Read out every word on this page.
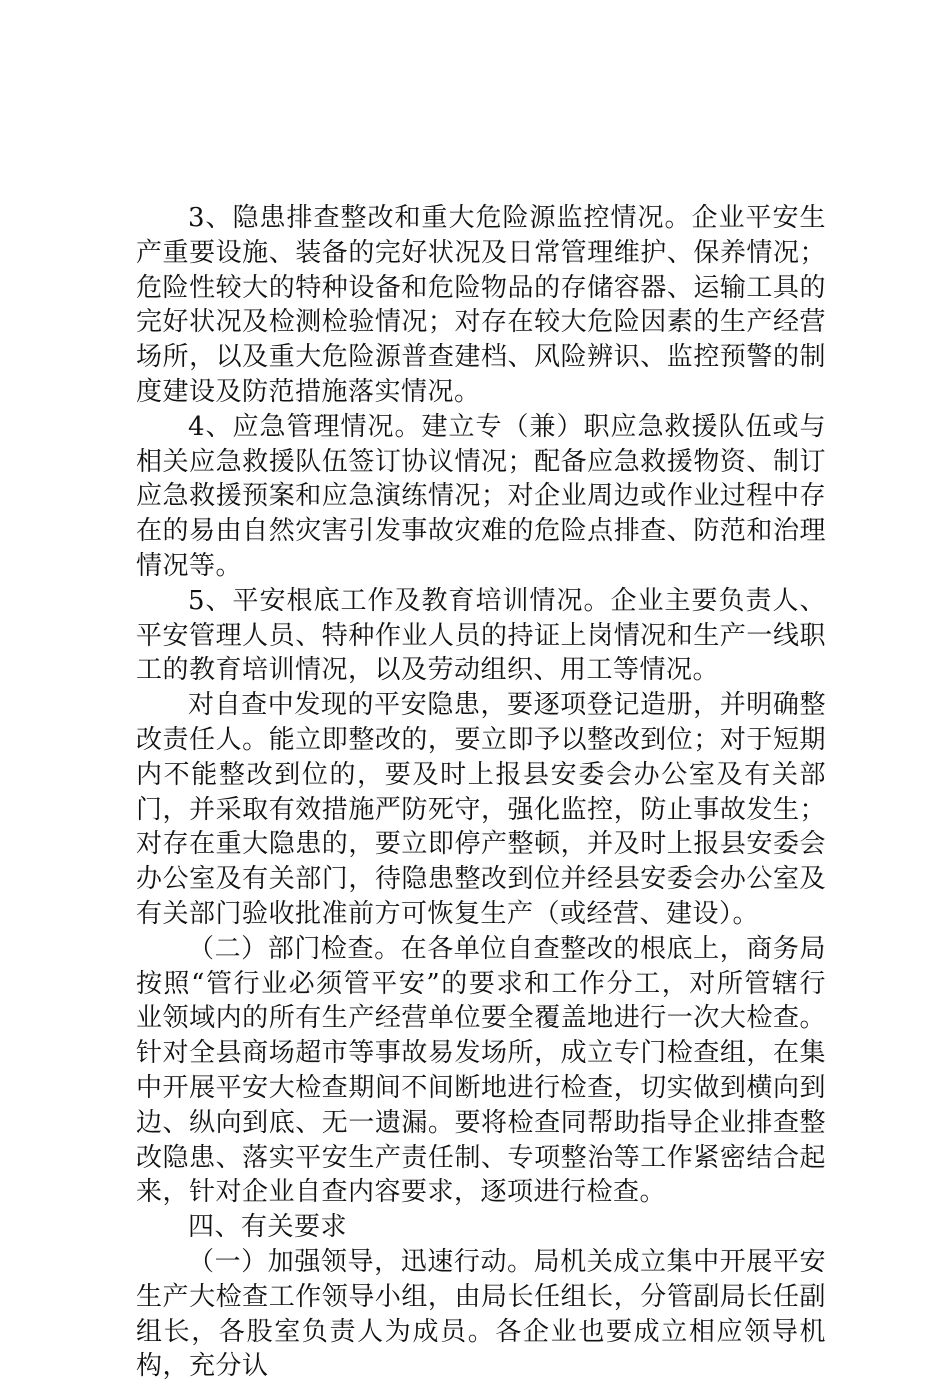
3、隐患排查整改和重大危险源监控情况。企业平安生产重要设施、装备的完好状况及日常管理维护、保养情况；危险性较大的特种设备和危险物品的存储容器、运输工具的完好状况及检测检验情况；对存在较大危险因素的生产经营场所，以及重大危险源普查建档、风险辨识、监控预警的制度建设及防范措施落实情况。

4、应急管理情况。建立专（兼）职应急救援队伍或与相关应急救援队伍签订协议情况；配备应急救援物资、制订应急救援预案和应急演练情况；对企业周边或作业过程中存在的易由自然灾害引发事故灾难的危险点排查、防范和治理情况等。

5、平安根底工作及教育培训情况。企业主要负责人、平安管理人员、特种作业人员的持证上岗情况和生产一线职工的教育培训情况，以及劳动组织、用工等情况。

对自查中发现的平安隐患，要逐项登记造册，并明确整改责任人。能立即整改的，要立即予以整改到位；对于短期内不能整改到位的，要及时上报县安委会办公室及有关部门，并采取有效措施严防死守，强化监控，防止事故发生；对存在重大隐患的，要立即停产整顿，并及时上报县安委会办公室及有关部门，待隐患整改到位并经县安委会办公室及有关部门验收批准前方可恢复生产（或经营、建设）。

（二）部门检查。在各单位自查整改的根底上，商务局按照“管行业必须管平安”的要求和工作分工，对所管辖行业领域内的所有生产经营单位要全覆盖地进行一次大检查。针对全县商场超市等事故易发场所，成立专门检查组，在集中开展平安大检查期间不间断地进行检查，切实做到横向到边、纵向到底、无一遗漏。要将检查同帮助指导企业排查整改隐患、落实平安生产责任制、专项整治等工作紧密结合起来，针对企业自查内容要求，逐项进行检查。

四、有关要求

（一）加强领导，迅速行动。局机关成立集中开展平安生产大检查工作领导小组，由局长任组长，分管副局长任副组长，各股室负责人为成员。各企业也要成立相应领导机构，充分认
